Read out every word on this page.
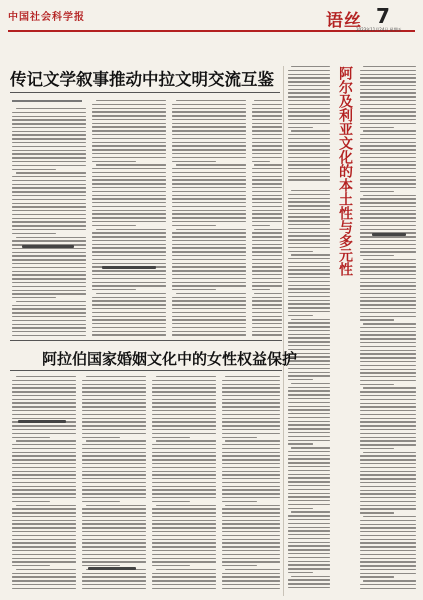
中国社会科学报	语丝 7
2023年11月24日 星期五
传记文学叙事推动中拉文明交流互鉴	阿尔及利亚文化的本土性与多元性
阿拉伯国家婚姻文化中的女性权益保护
